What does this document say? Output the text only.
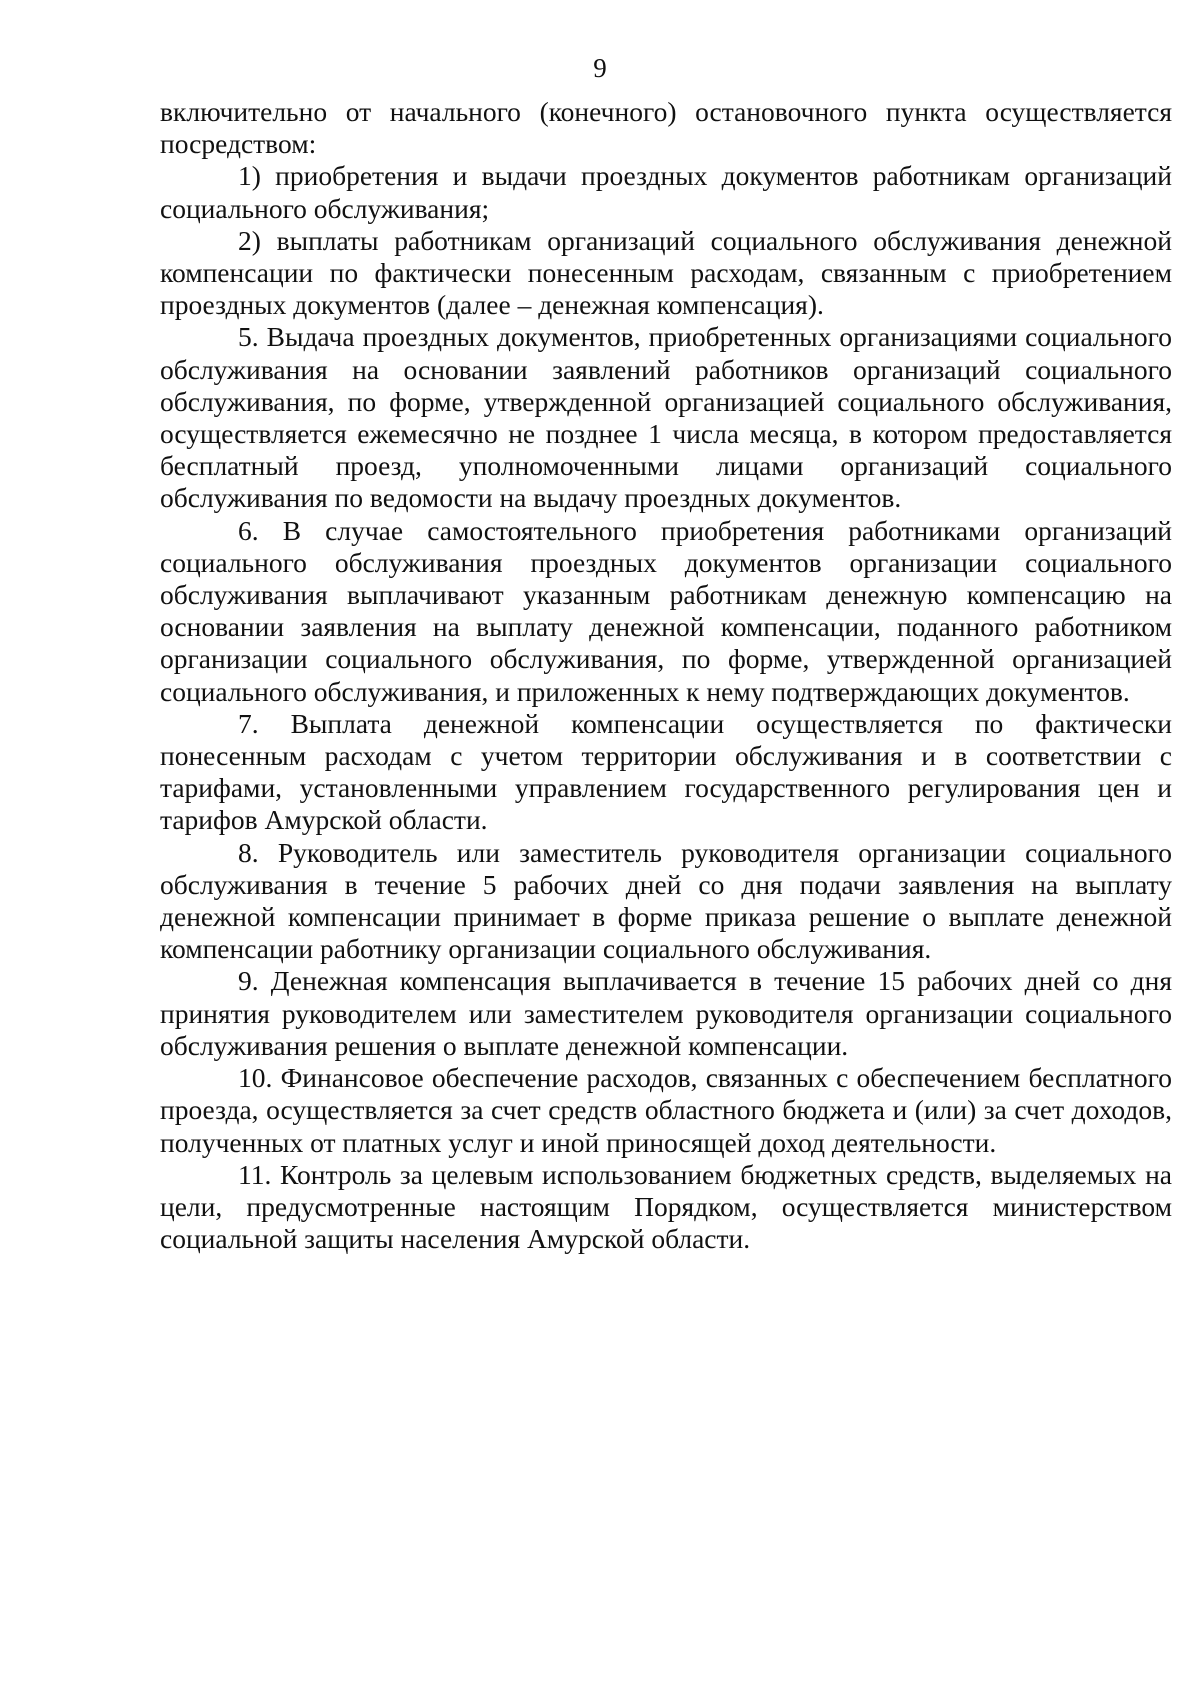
9

включительно от начального (конечного) остановочного пункта осуществляется посредством:

1) приобретения и выдачи проездных документов работникам организаций социального обслуживания;

2) выплаты работникам организаций социального обслуживания денежной компенсации по фактически понесенным расходам, связанным с приобретением проездных документов (далее – денежная компенсация).

5. Выдача проездных документов, приобретенных организациями социального обслуживания на основании заявлений работников организаций социального обслуживания, по форме, утвержденной организацией социального обслуживания, осуществляется ежемесячно не позднее 1 числа месяца, в котором предоставляется бесплатный проезд, уполномоченными лицами организаций социального обслуживания по ведомости на выдачу проездных документов.

6. В случае самостоятельного приобретения работниками организаций социального обслуживания проездных документов организации социального обслуживания выплачивают указанным работникам денежную компенсацию на основании заявления на выплату денежной компенсации, поданного работником организации социального обслуживания, по форме, утвержденной организацией социального обслуживания, и приложенных к нему подтверждающих документов.

7. Выплата денежной компенсации осуществляется по фактически понесенным расходам с учетом территории обслуживания и в соответствии с тарифами, установленными управлением государственного регулирования цен и тарифов Амурской области.

8. Руководитель или заместитель руководителя организации социального обслуживания в течение 5 рабочих дней со дня подачи заявления на выплату денежной компенсации принимает в форме приказа решение о выплате денежной компенсации работнику организации социального обслуживания.

9. Денежная компенсация выплачивается в течение 15 рабочих дней со дня принятия руководителем или заместителем руководителя организации социального обслуживания решения о выплате денежной компенсации.

10. Финансовое обеспечение расходов, связанных с обеспечением бесплатного проезда, осуществляется за счет средств областного бюджета и (или) за счет доходов, полученных от платных услуг и иной приносящей доход деятельности.

11. Контроль за целевым использованием бюджетных средств, выделяемых на цели, предусмотренные настоящим Порядком, осуществляется министерством социальной защиты населения Амурской области.
